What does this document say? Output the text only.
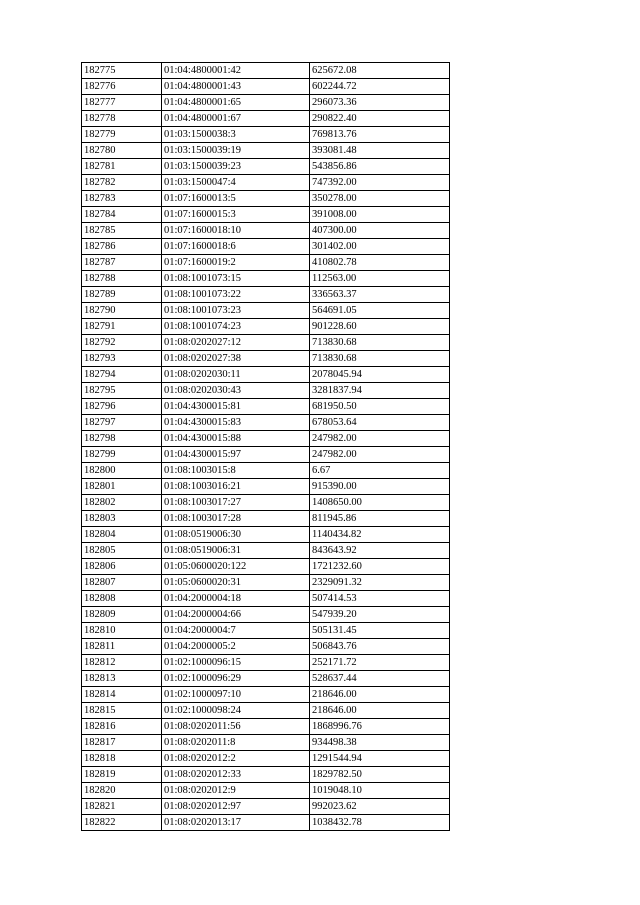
182775	01:04:4800001:42	625672.08
182776	01:04:4800001:43	602244.72
182777	01:04:4800001:65	296073.36
182778	01:04:4800001:67	290822.40
182779	01:03:1500038:3	769813.76
182780	01:03:1500039:19	393081.48
182781	01:03:1500039:23	543856.86
182782	01:03:1500047:4	747392.00
182783	01:07:1600013:5	350278.00
182784	01:07:1600015:3	391008.00
182785	01:07:1600018:10	407300.00
182786	01:07:1600018:6	301402.00
182787	01:07:1600019:2	410802.78
182788	01:08:1001073:15	112563.00
182789	01:08:1001073:22	336563.37
182790	01:08:1001073:23	564691.05
182791	01:08:1001074:23	901228.60
182792	01:08:0202027:12	713830.68
182793	01:08:0202027:38	713830.68
182794	01:08:0202030:11	2078045.94
182795	01:08:0202030:43	3281837.94
182796	01:04:4300015:81	681950.50
182797	01:04:4300015:83	678053.64
182798	01:04:4300015:88	247982.00
182799	01:04:4300015:97	247982.00
182800	01:08:1003015:8	6.67
182801	01:08:1003016:21	915390.00
182802	01:08:1003017:27	1408650.00
182803	01:08:1003017:28	811945.86
182804	01:08:0519006:30	1140434.82
182805	01:08:0519006:31	843643.92
182806	01:05:0600020:122	1721232.60
182807	01:05:0600020:31	2329091.32
182808	01:04:2000004:18	507414.53
182809	01:04:2000004:66	547939.20
182810	01:04:2000004:7	505131.45
182811	01:04:2000005:2	506843.76
182812	01:02:1000096:15	252171.72
182813	01:02:1000096:29	528637.44
182814	01:02:1000097:10	218646.00
182815	01:02:1000098:24	218646.00
182816	01:08:0202011:56	1868996.76
182817	01:08:0202011:8	934498.38
182818	01:08:0202012:2	1291544.94
182819	01:08:0202012:33	1829782.50
182820	01:08:0202012:9	1019048.10
182821	01:08:0202012:97	992023.62
182822	01:08:0202013:17	1038432.78
